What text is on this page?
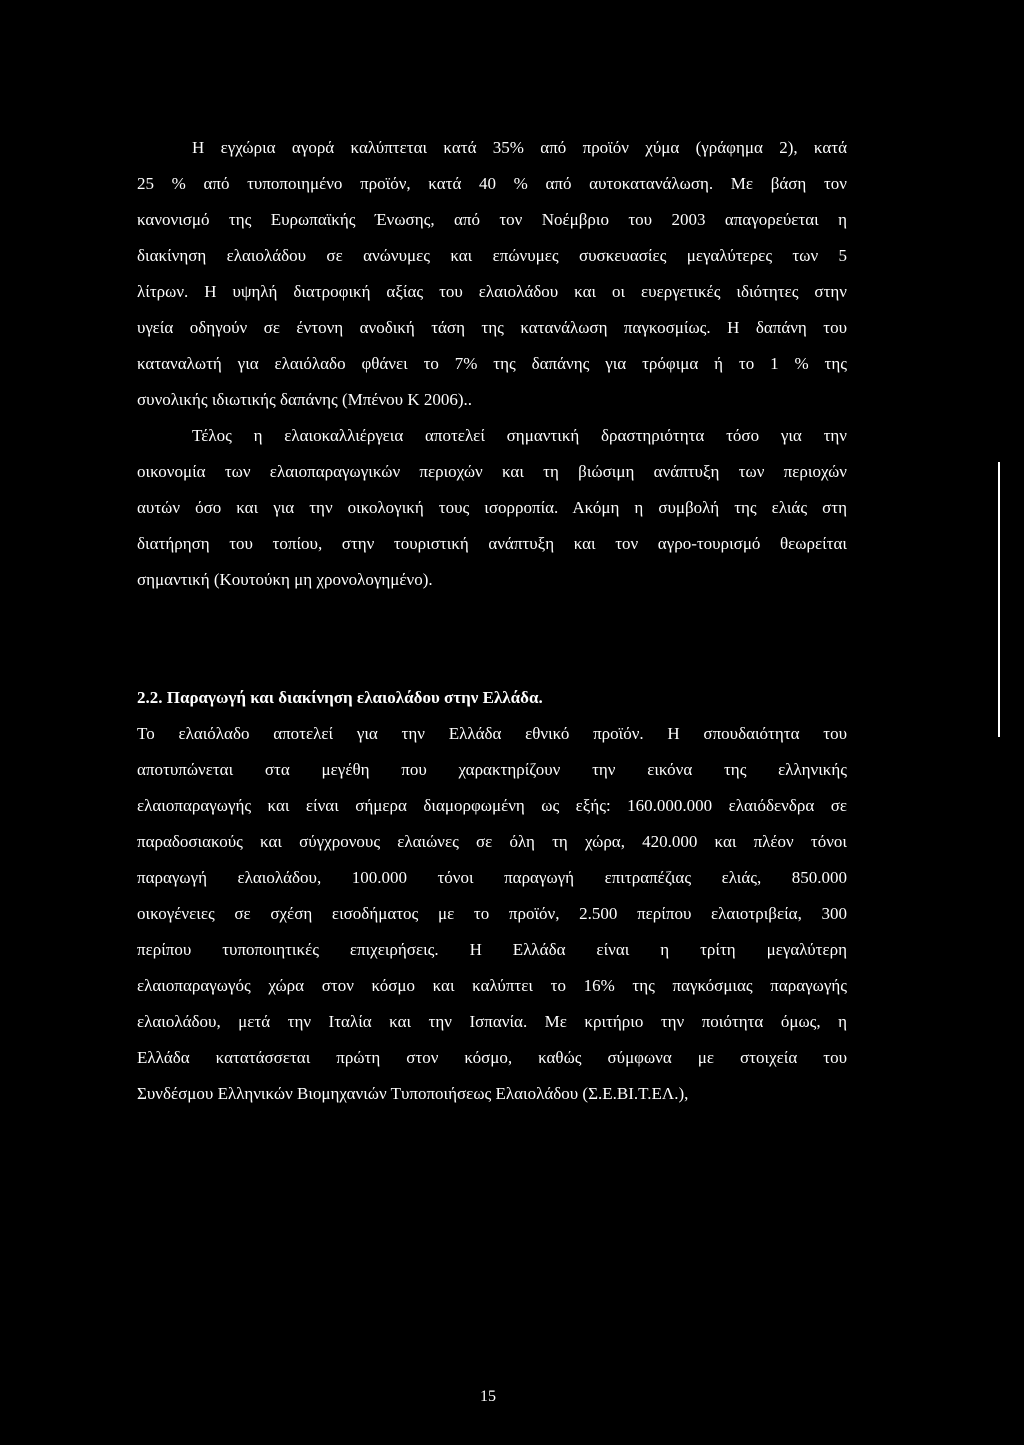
Η εγχώρια αγορά καλύπτεται κατά 35% από προϊόν χύμα (γράφημα 2), κατά
25 % από τυποποιημένο προϊόν, κατά 40 % από αυτοκατανάλωση. Με βάση τον
κανονισμό της Ευρωπαϊκής Ένωσης, από τον Νοέμβριο του 2003 απαγορεύεται η
διακίνηση ελαιολάδου σε ανώνυμες και επώνυμες συσκευασίες μεγαλύτερες των 5
λίτρων. Η υψηλή διατροφική αξίας του ελαιολάδου και οι ευεργετικές ιδιότητες στην
υγεία οδηγούν σε έντονη ανοδική τάση της κατανάλωση παγκοσμίως. Η δαπάνη του
καταναλωτή για ελαιόλαδο φθάνει το 7% της δαπάνης για τρόφιμα ή το 1 % της
συνολικής ιδιωτικής δαπάνης (Μπένου Κ 2006)..
Τέλος η ελαιοκαλλιέργεια αποτελεί σημαντική δραστηριότητα τόσο για την
οικονομία των ελαιοπαραγωγικών περιοχών και τη βιώσιμη ανάπτυξη των περιοχών
αυτών όσο και για την οικολογική τους ισορροπία. Ακόμη η συμβολή της ελιάς στη
διατήρηση του τοπίου, στην τουριστική ανάπτυξη και τον αγρο-τουρισμό θεωρείται
σημαντική (Κουτούκη μη χρονολογημένο).
2.2. Παραγωγή και διακίνηση ελαιολάδου στην Ελλάδα.
Το ελαιόλαδο αποτελεί για την Ελλάδα εθνικό προϊόν. Η σπουδαιότητα του
αποτυπώνεται στα μεγέθη που χαρακτηρίζουν την εικόνα της ελληνικής
ελαιοπαραγωγής και είναι σήμερα διαμορφωμένη ως εξής: 160.000.000 ελαιόδενδρα σε
παραδοσιακούς και σύγχρονους ελαιώνες σε όλη τη χώρα, 420.000 και πλέον τόνοι
παραγωγή ελαιολάδου, 100.000 τόνοι παραγωγή επιτραπέζιας ελιάς, 850.000
οικογένειες σε σχέση εισοδήματος με το προϊόν, 2.500 περίπου ελαιοτριβεία, 300
περίπου τυποποιητικές επιχειρήσεις. Η Ελλάδα είναι η τρίτη μεγαλύτερη
ελαιοπαραγωγός χώρα στον κόσμο και καλύπτει το 16% της παγκόσμιας παραγωγής
ελαιολάδου, μετά την Ιταλία και την Ισπανία. Με κριτήριο την ποιότητα όμως, η
Ελλάδα κατατάσσεται πρώτη στον κόσμο, καθώς σύμφωνα με στοιχεία του
Συνδέσμου Ελληνικών Βιομηχανιών Τυποποιήσεως Ελαιολάδου (Σ.Ε.ΒΙ.Τ.ΕΛ.),
15
